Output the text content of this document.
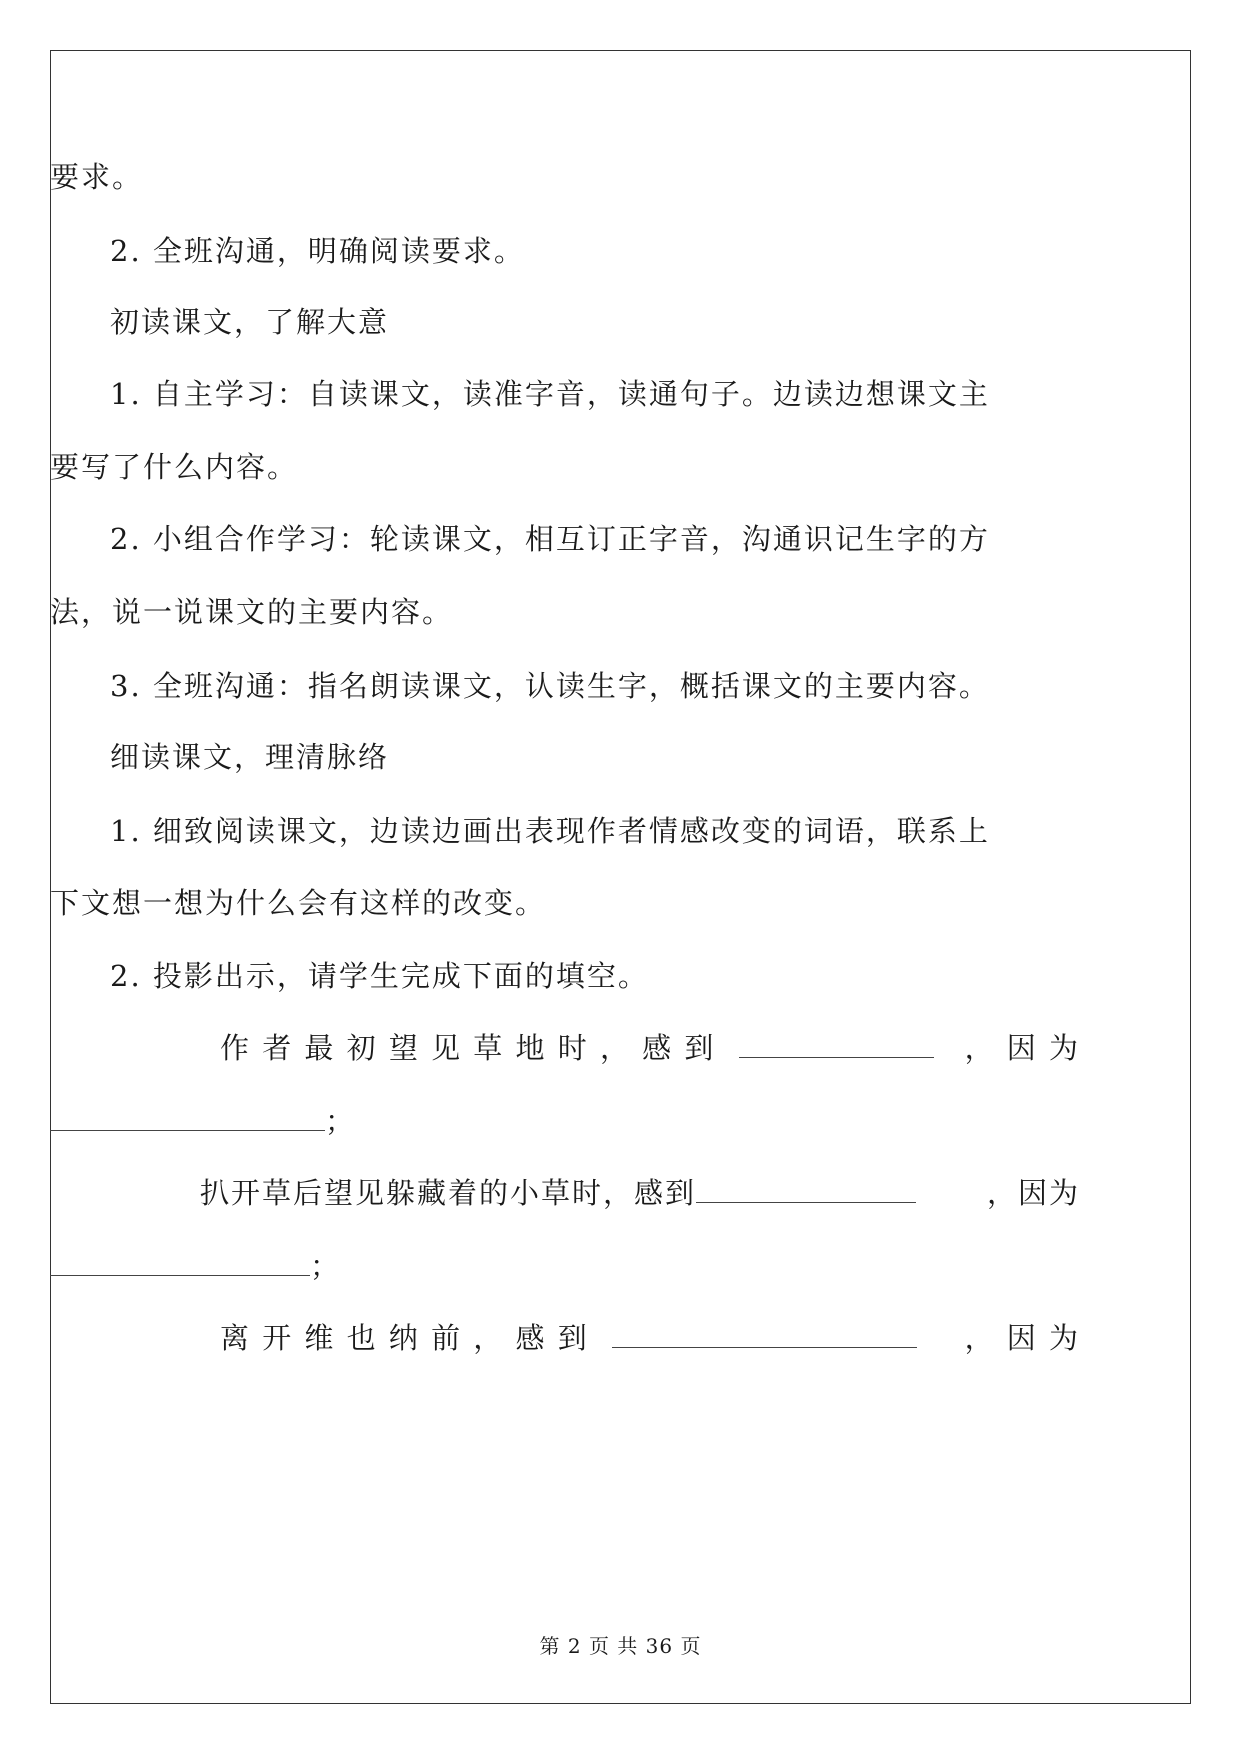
要求。
2. 全班沟通，明确阅读要求。
初读课文，了解大意
1. 自主学习：自读课文，读准字音，读通句子。边读边想课文主
要写了什么内容。
2. 小组合作学习：轮读课文，相互订正字音，沟通识记生字的方
法，说一说课文的主要内容。
3. 全班沟通：指名朗读课文，认读生字，概括课文的主要内容。
细读课文，理清脉络
1. 细致阅读课文，边读边画出表现作者情感改变的词语，联系上
下文想一想为什么会有这样的改变。
2. 投影出示，请学生完成下面的填空。
作 者 最 初 望 见 草 地 时 ， 感 到	， 因 为
；
扒开草后望见躲藏着的小草时，感到	，因为
；
离 开 维 也 纳 前 ， 感 到	， 因 为
第 2 页 共 36 页
